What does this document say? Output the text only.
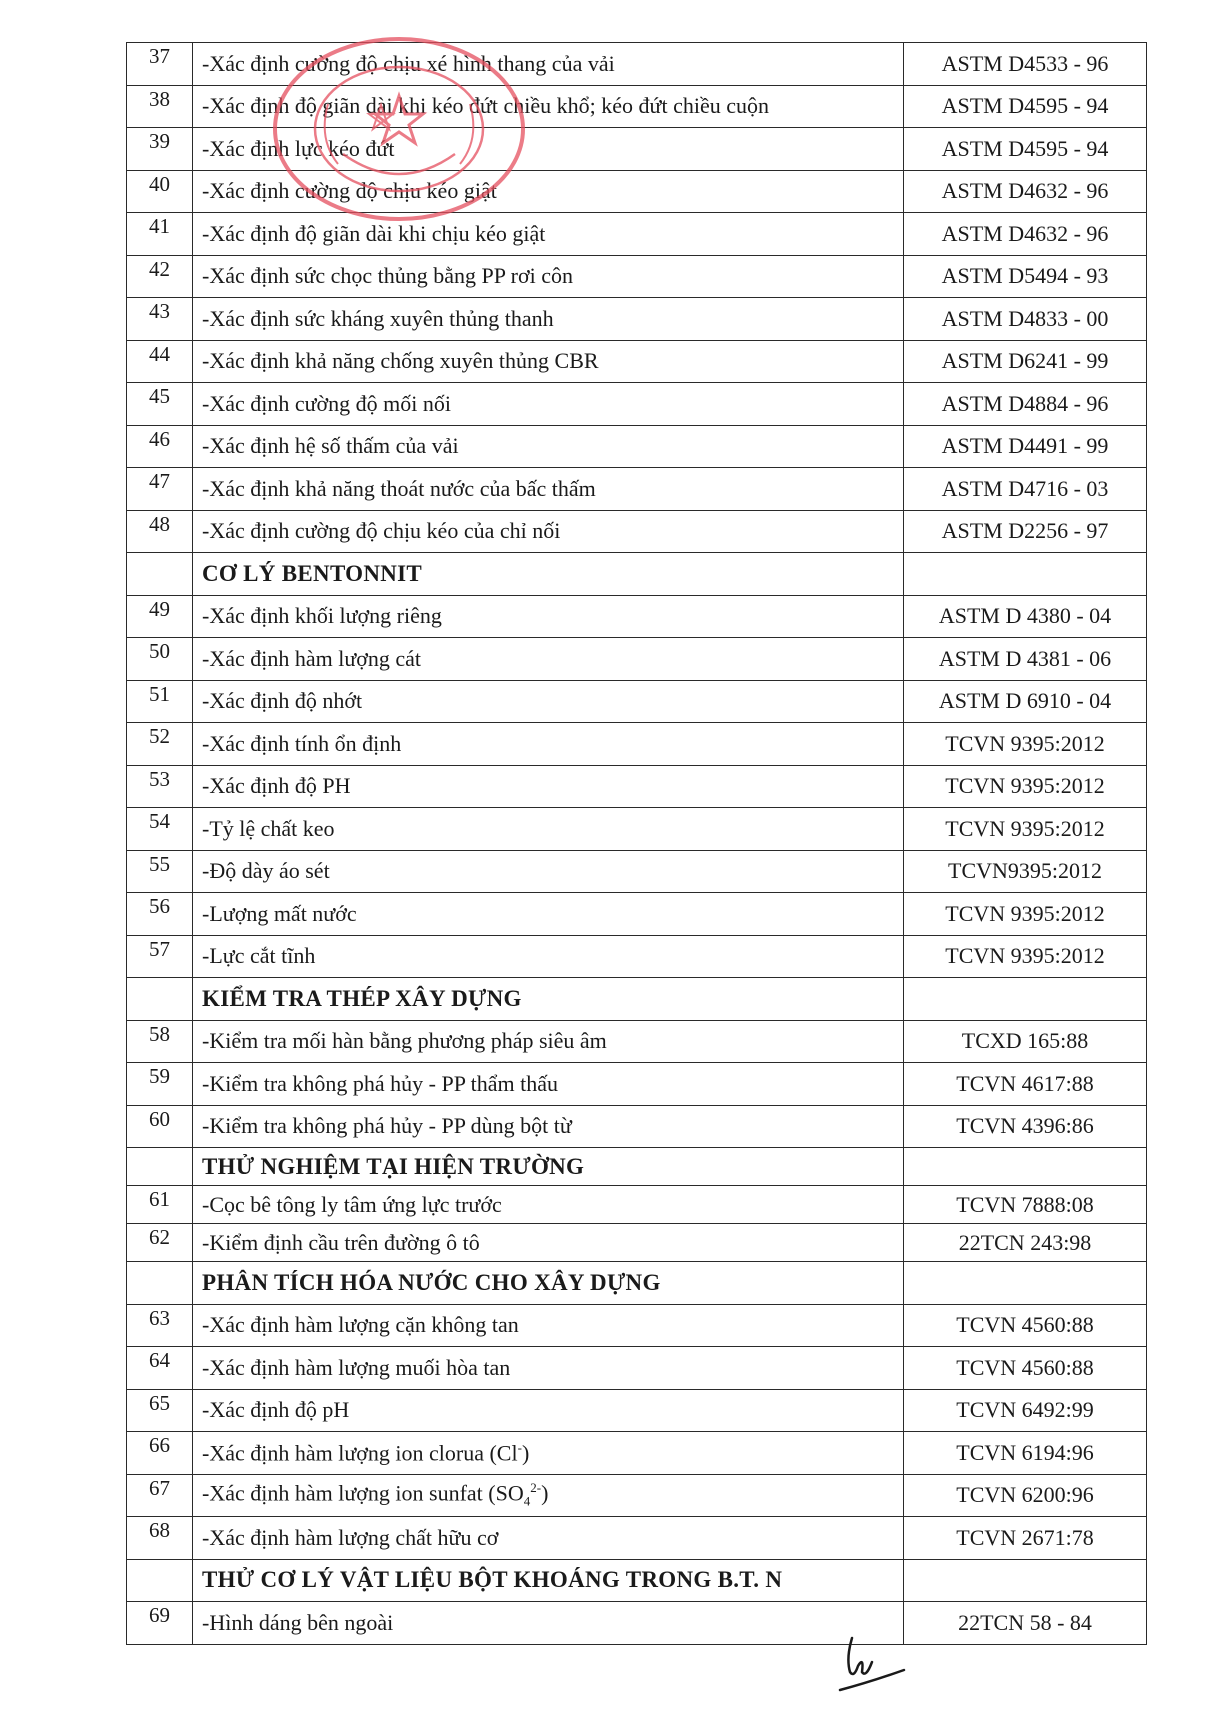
37	-Xác định cường độ chịu xé hình thang của vải	ASTM D4533 - 96
38	-Xác định độ giãn dài khi kéo đứt chiều khổ; kéo đứt chiều cuộn	ASTM D4595 - 94
39	-Xác định lực kéo đứt	ASTM D4595 - 94
40	-Xác định cường độ chịu kéo giật	ASTM D4632 - 96
41	-Xác định độ giãn dài khi chịu kéo giật	ASTM D4632 - 96
42	-Xác định sức chọc thủng bằng PP rơi côn	ASTM D5494 - 93
43	-Xác định sức kháng xuyên thủng thanh	ASTM D4833 - 00
44	-Xác định khả năng chống xuyên thủng CBR	ASTM D6241 - 99
45	-Xác định cường độ mối nối	ASTM D4884 - 96
46	-Xác định hệ số thấm của vải	ASTM D4491 - 99
47	-Xác định khả năng thoát nước của bấc thấm	ASTM D4716 - 03
48	-Xác định cường độ chịu kéo của chỉ nối	ASTM D2256 - 97
	CƠ LÝ BENTONNIT	
49	-Xác định khối lượng riêng	ASTM D 4380 - 04
50	-Xác định hàm lượng cát	ASTM D 4381 - 06
51	-Xác định độ nhớt	ASTM D 6910 - 04
52	-Xác định tính ổn định	TCVN 9395:2012
53	-Xác định độ PH	TCVN 9395:2012
54	-Tỷ lệ chất keo	TCVN 9395:2012
55	-Độ dày áo sét	TCVN9395:2012
56	-Lượng mất nước	TCVN 9395:2012
57	-Lực cắt tĩnh	TCVN 9395:2012
	KIỂM TRA THÉP XÂY DỰNG	
58	-Kiểm tra mối hàn bằng phương pháp siêu âm	TCXD 165:88
59	-Kiểm tra không phá hủy - PP thẩm thấu	TCVN 4617:88
60	-Kiểm tra không phá hủy - PP dùng bột từ	TCVN 4396:86
	THỬ NGHIỆM TẠI HIỆN TRƯỜNG	
61	-Cọc bê tông ly tâm ứng lực trước	TCVN 7888:08
62	-Kiểm định cầu trên đường ô tô	22TCN 243:98
	PHÂN TÍCH HÓA NƯỚC CHO XÂY DỰNG	
63	-Xác định hàm lượng cặn không tan	TCVN 4560:88
64	-Xác định hàm lượng muối hòa tan	TCVN 4560:88
65	-Xác định độ pH	TCVN 6492:99
66	-Xác định hàm lượng ion clorua (Cl-)	TCVN 6194:96
67	-Xác định hàm lượng ion sunfat $(SO_4^{2-})$	TCVN 6200:96
68	-Xác định hàm lượng chất hữu cơ	TCVN 2671:78
	THỬ CƠ LÝ VẬT LIỆU BỘT KHOÁNG TRONG B.T. N	
69	-Hình dáng bên ngoài	22TCN 58 - 84
